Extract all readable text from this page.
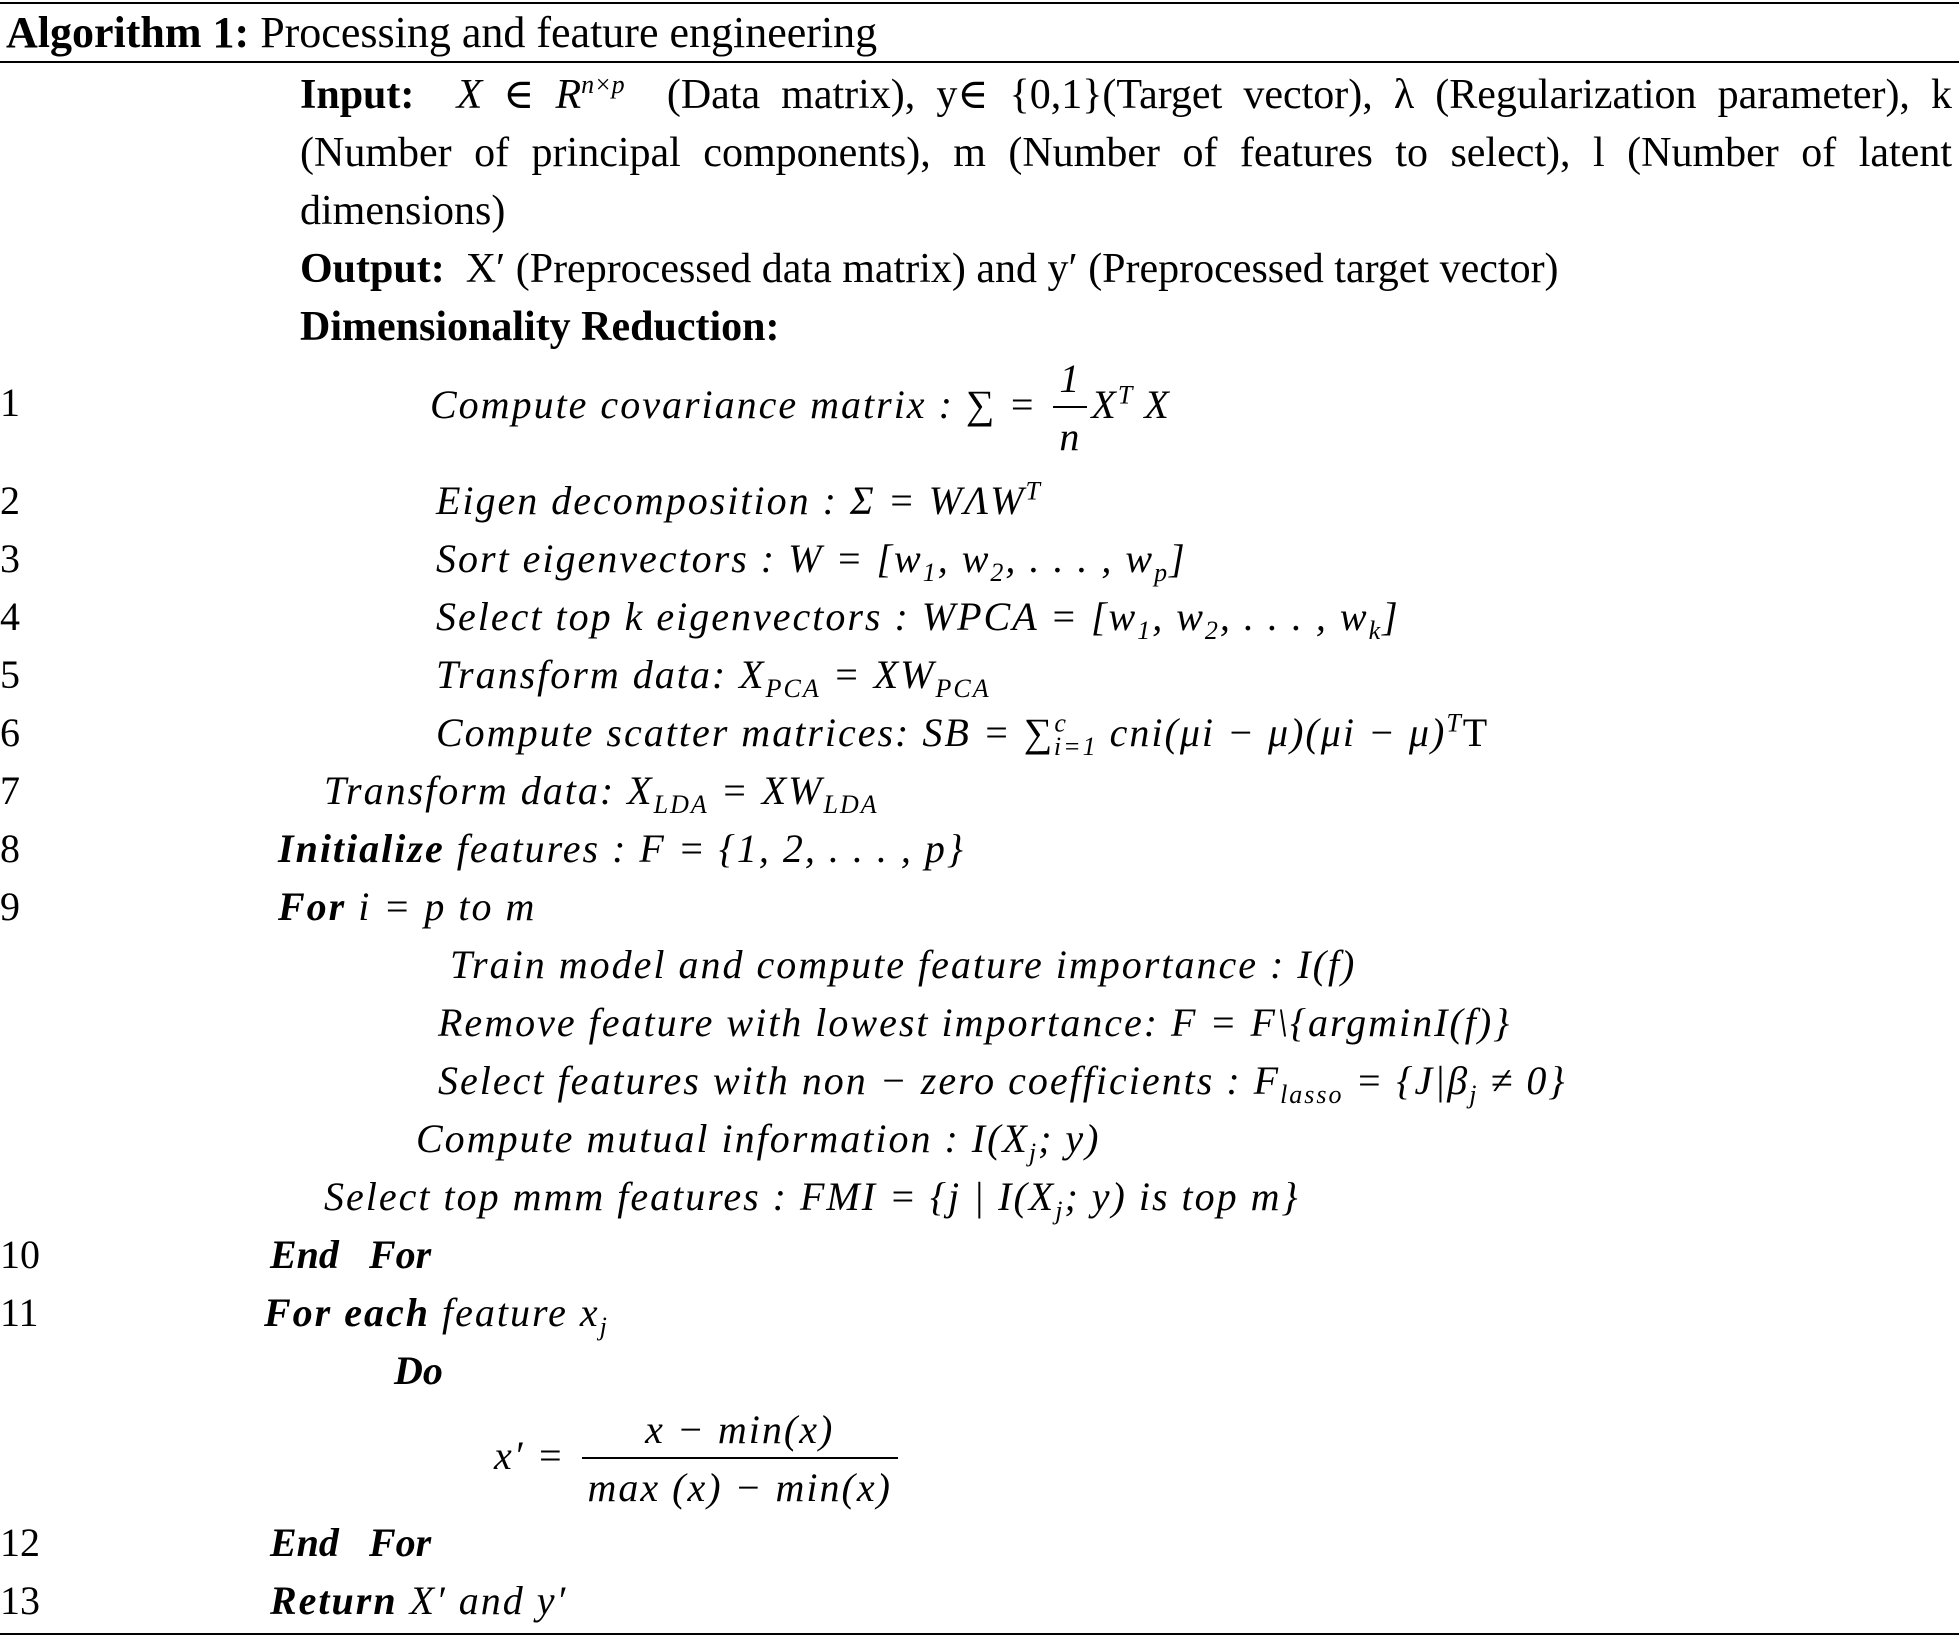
Algorithm 1: Processing and feature engineering
Input: X ∈ $R^{n\times p}$ (Data matrix), y∈ {0,1}(Target vector), λ (Regularization parameter), k (Number of principal components), m (Number of features to select), l (Number of latent dimensions)
Output: X′ (Preprocessed data matrix) and y′ (Preprocessed target vector)
Dimensionality Reduction:
1	Compute covariance matrix : ∑ = $\frac{1}{n} X^T$  X
2	Eigen decomposition : $\Sigma = W\Lambda W^T$
3	Sort eigenvectors : $W = [w_1$, $w_2$, . . . , $w_p$]
4	Select top k eigenvectors : WPCA = [$w_1$, $w_2$, . . . , $w_k$]
5	Transform data: $X_{PCA} = XW_{PCA}$
6	Compute scatter matrices: SB = ∑$^c_{i=1}$ $cni(\mu i - \mu)(\mu i - \mu)^TT$
7	Transform data: $X_{LDA} = XW_{LDA}$
8	Initialize features : F = {1, 2, . . . , p}
9	For i = p to m
Train model and compute feature importance : I(f)
Remove feature with lowest importance: F = F\{argminI(f)}
Select features with non − zero coefficients : $F_{lasso} = \{J|\beta_j \ne 0\}$
Compute mutual information : $I(X_j$; y)
Select top mmm features : FMI = {j | $I(X_j$; y) is top m}
10	End For
11	For each feature $x_j$
Do
$x' = \frac{x - \min(x)}{\max (x) - \min(x)}$
12	End For
13	Return X′ and y′
